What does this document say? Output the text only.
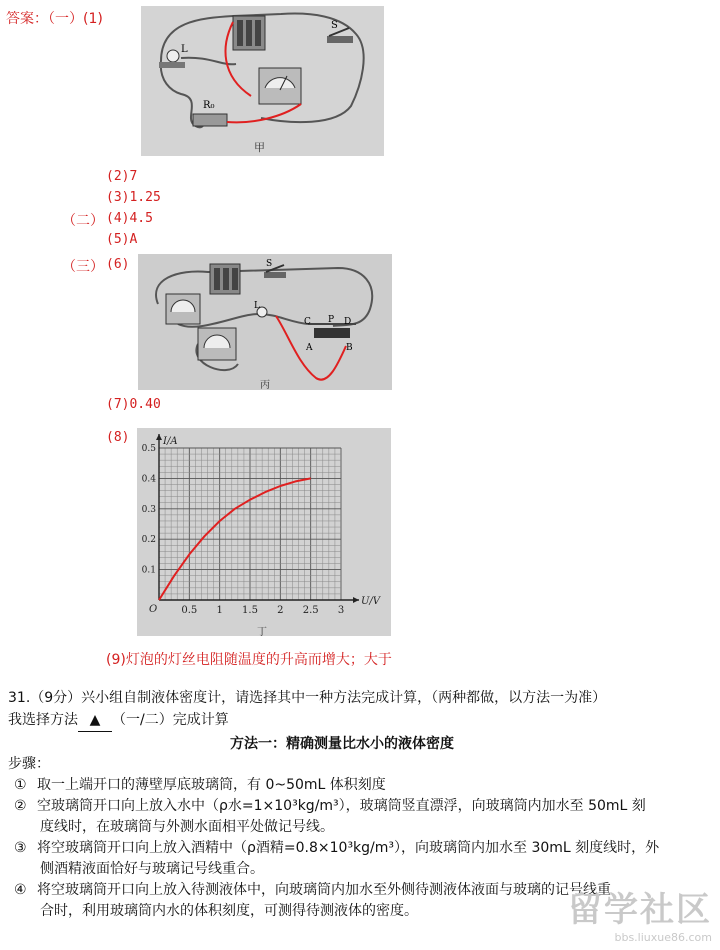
答案：（一）(1)
L
S
R₀
甲
(2)7
(3)1.25
（二） (4)4.5
(5)A
（三） (6)	S
L
C P D
A	B
丙
(7)0.40
(8)
0.5 1 1.5 2 2.5 3
0.1
0.2
0.3
0.4
0.5
O
U/V
I/A
丁
(9)灯泡的灯丝电阻随温度的升高而增大；大于
31.（9分）兴小组自制液体密度计，请选择其中一种方法完成计算，（两种都做，以方法一为准）
我选择方法 ▲ （一/二）完成计算
方法一：精确测量比水小的液体密度
步骤：
① 取一上端开口的薄壁厚底玻璃筒，有 0~50mL 体积刻度
② 空玻璃筒开口向上放入水中（ρ水=1×10³kg/m³），玻璃筒竖直漂浮，向玻璃筒内加水至 50mL 刻
度线时，在玻璃筒与外测水面相平处做记号线。
③ 将空玻璃筒开口向上放入酒精中（ρ酒精=0.8×10³kg/m³），向玻璃筒内加水至 30mL 刻度线时，外
侧酒精液面恰好与玻璃记号线重合。
④ 将空玻璃筒开口向上放入待测液体中，向玻璃筒内加水至外侧待测液体液面与玻璃的记号线重
合时，利用玻璃筒内水的体积刻度，可测得待测液体的密度。	留学社区
bbs.liuxue86.com
